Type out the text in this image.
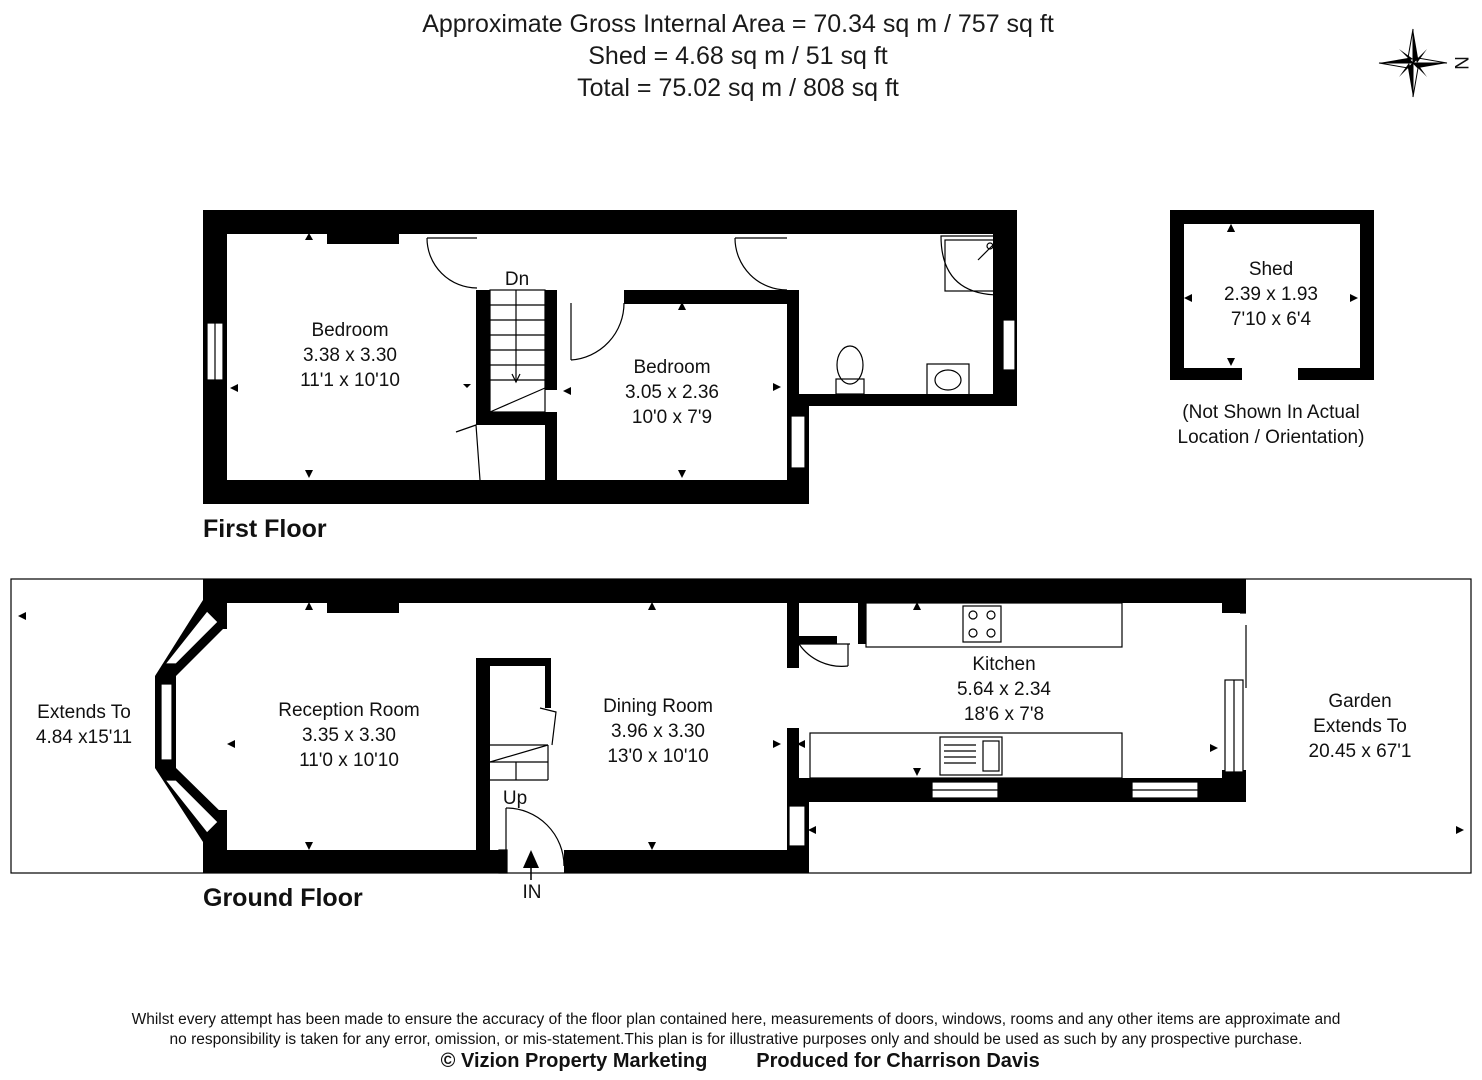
Approximate Gross Internal Area = 70.34 sq m / 757 sq ft
Shed = 4.68 sq m / 51 sq ft
Total = 75.02 sq m / 808 sq ft
N
Bedroom
3.38 x 3.30
11'1 x 10'10
Bedroom
3.05 x 2.36
10'0 x 7'9
Dn
First Floor
Shed
2.39 x 1.93
7'10 x 6'4
(Not Shown In Actual
Location / Orientation)
Extends To
4.84 x15'11
Reception Room
3.35 x 3.30
11'0 x 10'10
Dining Room
3.96 x 3.30
13'0 x 10'10
Kitchen
5.64 x 2.34
18'6 x 7'8
Garden
Extends To
20.45 x 67'1
Up
IN
Ground Floor
Whilst every attempt has been made to ensure the accuracy of the floor plan contained here, measurements of doors, windows, rooms and any other items are approximate and
no responsibility is taken for any error, omission, or mis-statement.This plan is for illustrative purposes only and should be used as such by any prospective purchase.
© Vizion Property Marketing Produced for Charrison Davis
